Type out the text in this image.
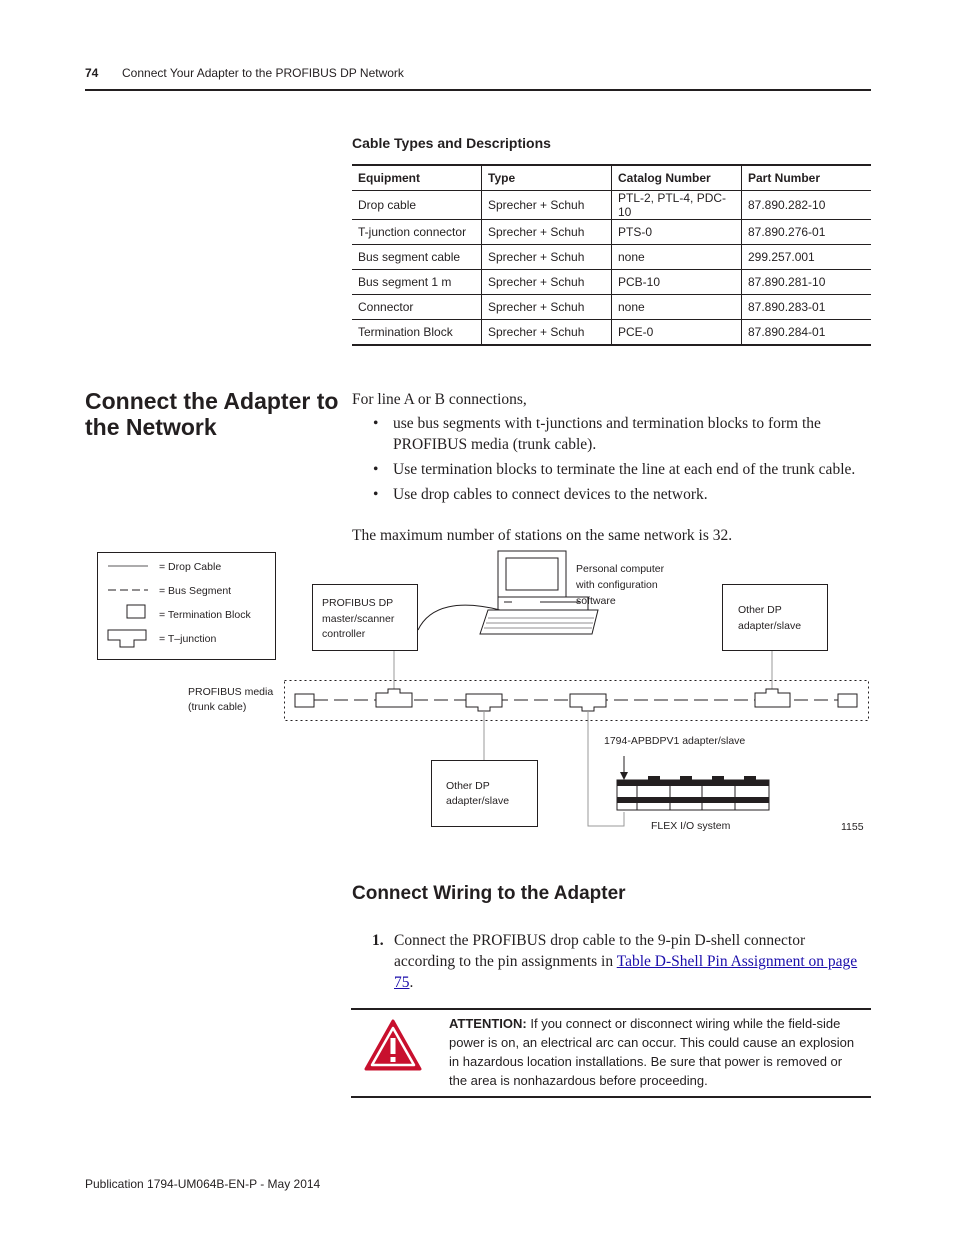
74 Connect Your Adapter to the PROFIBUS DP Network
Cable Types and Descriptions
Equipment	Type	Catalog Number	Part Number
Drop cable	Sprecher + Schuh	PTL-2, PTL-4, PDC-10	87.890.282-10
T-junction connector	Sprecher + Schuh	PTS-0	87.890.276-01
Bus segment cable	Sprecher + Schuh	none	299.257.001
Bus segment 1 m	Sprecher + Schuh	PCB-10	87.890.281-10
Connector	Sprecher + Schuh	none	87.890.283-01
Termination Block	Sprecher + Schuh	PCE-0	87.890.284-01
Connect the Adapter to the Network
For line A or B connections,
• use bus segments with t-junctions and termination blocks to form the PROFIBUS media (trunk cable).
• Use termination blocks to terminate the line at each end of the trunk cable.
• Use drop cables to connect devices to the network.
The maximum number of stations on the same network is 32.
= Drop Cable
= Bus Segment
= Termination Block
= T–junction
PROFIBUS DP
master/scanner
controller
Personal computer
with configuration
software
Other DP
adapter/slave
PROFIBUS media
(trunk cable)
Other DP
adapter/slave
1794-APBDPV1 adapter/slave
FLEX I/O system	1155
Connect Wiring to the Adapter
1. Connect the PROFIBUS drop cable to the 9-pin D-shell connector according to the pin assignments in Table D-Shell Pin Assignment on page 75.
ATTENTION: If you connect or disconnect wiring while the field-side power is on, an electrical arc can occur. This could cause an explosion in hazardous location installations. Be sure that power is removed or the area is nonhazardous before proceeding.
Publication 1794-UM064B-EN-P - May 2014
